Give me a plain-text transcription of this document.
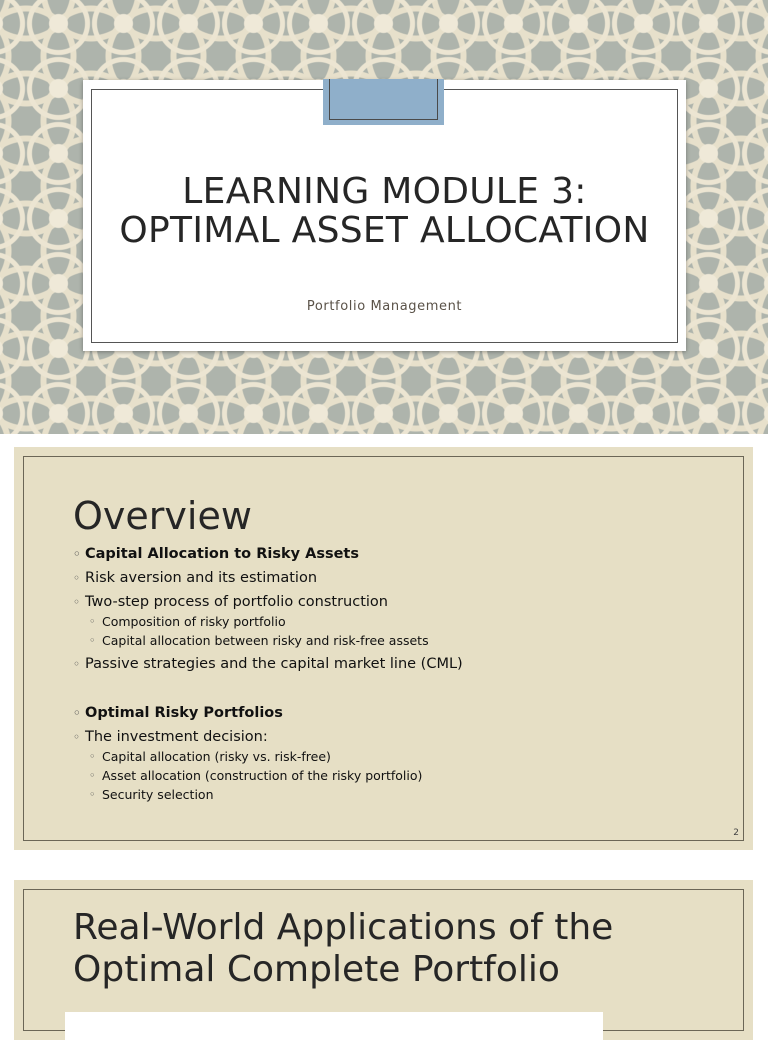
LEARNING MODULE 3:
OPTIMAL ASSET ALLOCATION
Portfolio Management
Overview
◦ Capital Allocation to Risky Assets
◦ Risk aversion and its estimation
◦ Two-step process of portfolio construction
◦ Composition of risky portfolio
◦ Capital allocation between risky and risk-free assets
◦ Passive strategies and the capital market line (CML)
◦ Optimal Risky Portfolios
◦ The investment decision:
◦ Capital allocation (risky vs. risk-free)
◦ Asset allocation (construction of the risky portfolio)
◦ Security selection
2
Real-World Applications of the
Optimal Complete Portfolio
